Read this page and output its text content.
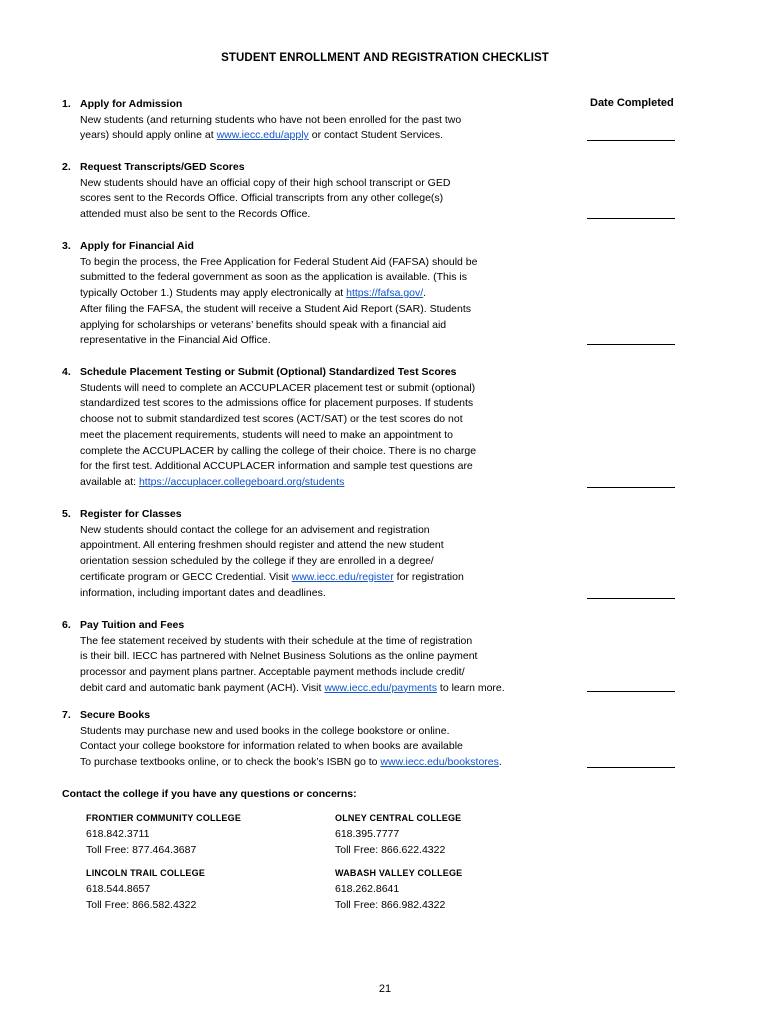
STUDENT ENROLLMENT AND REGISTRATION CHECKLIST
Date Completed
1. Apply for Admission
New students (and returning students who have not been enrolled for the past two
years) should apply online at www.iecc.edu/apply or contact Student Services.
2. Request Transcripts/GED Scores
New students should have an official copy of their high school transcript or GED
scores sent to the Records Office. Official transcripts from any other college(s)
attended must also be sent to the Records Office.
3. Apply for Financial Aid
To begin the process, the Free Application for Federal Student Aid (FAFSA) should be
submitted to the federal government as soon as the application is available. (This is
typically October 1.) Students may apply electronically at https://fafsa.gov/.
After filing the FAFSA, the student will receive a Student Aid Report (SAR). Students
applying for scholarships or veterans’ benefits should speak with a financial aid
representative in the Financial Aid Office.
4. Schedule Placement Testing or Submit (Optional) Standardized Test Scores
Students will need to complete an ACCUPLACER placement test or submit (optional)
standardized test scores to the admissions office for placement purposes. If students
choose not to submit standardized test scores (ACT/SAT) or the test scores do not
meet the placement requirements, students will need to make an appointment to
complete the ACCUPLACER by calling the college of their choice. There is no charge
for the first test. Additional ACCUPLACER information and sample test questions are
available at: https://accuplacer.collegeboard.org/students
5. Register for Classes
New students should contact the college for an advisement and registration
appointment. All entering freshmen should register and attend the new student
orientation session scheduled by the college if they are enrolled in a degree/
certificate program or GECC Credential. Visit www.iecc.edu/register for registration
information, including important dates and deadlines.
6. Pay Tuition and Fees
The fee statement received by students with their schedule at the time of registration
is their bill. IECC has partnered with Nelnet Business Solutions as the online payment
processor and payment plans partner. Acceptable payment methods include credit/
debit card and automatic bank payment (ACH). Visit www.iecc.edu/payments to learn more.
7. Secure Books
Students may purchase new and used books in the college bookstore or online.
Contact your college bookstore for information related to when books are available
To purchase textbooks online, or to check the book’s ISBN go to www.iecc.edu/bookstores.
Contact the college if you have any questions or concerns:
FRONTIER COMMUNITY COLLEGE
618.842.3711
Toll Free: 877.464.3687
OLNEY CENTRAL COLLEGE
618.395.7777
Toll Free: 866.622.4322
LINCOLN TRAIL COLLEGE
618.544.8657
Toll Free: 866.582.4322
WABASH VALLEY COLLEGE
618.262.8641
Toll Free: 866.982.4322
21
